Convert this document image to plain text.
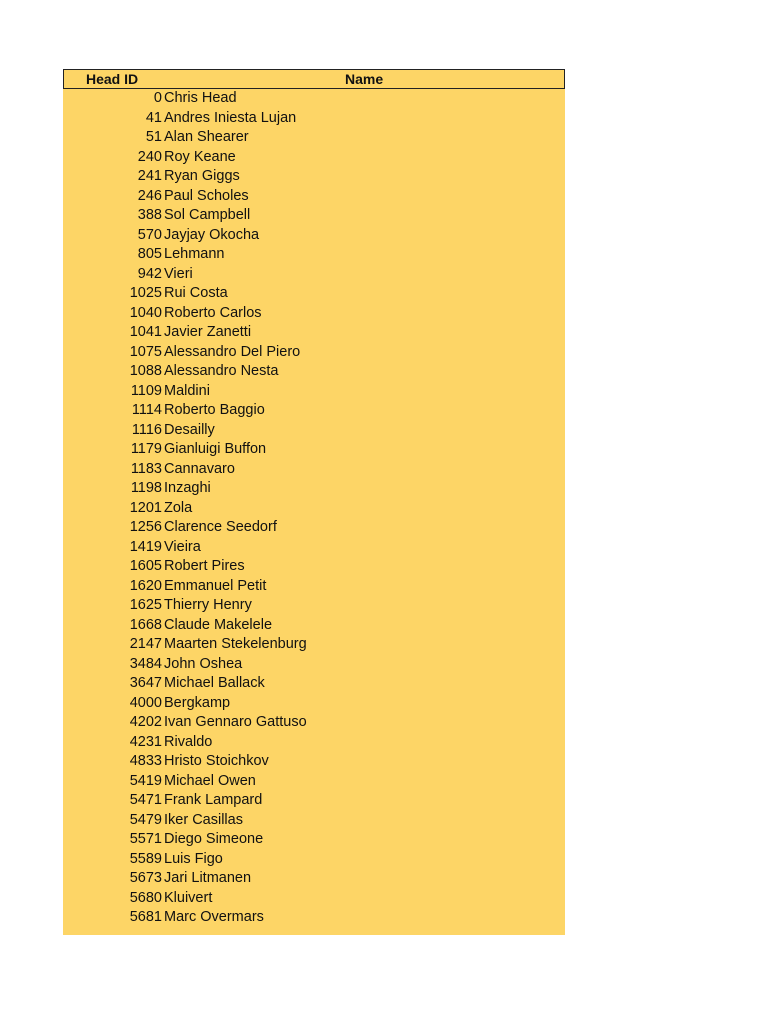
Head ID	Name
0 Chris Head
41 Andres Iniesta Lujan
51 Alan Shearer
240 Roy Keane
241 Ryan Giggs
246 Paul Scholes
388 Sol Campbell
570 Jayjay Okocha
805 Lehmann
942 Vieri
1025 Rui Costa
1040 Roberto Carlos
1041 Javier Zanetti
1075 Alessandro Del Piero
1088 Alessandro Nesta
1109 Maldini
1114 Roberto Baggio
1116 Desailly
1179 Gianluigi Buffon
1183 Cannavaro
1198 Inzaghi
1201 Zola
1256 Clarence Seedorf
1419 Vieira
1605 Robert Pires
1620 Emmanuel Petit
1625 Thierry Henry
1668 Claude Makelele
2147 Maarten Stekelenburg
3484 John Oshea
3647 Michael Ballack
4000 Bergkamp
4202 Ivan Gennaro Gattuso
4231 Rivaldo
4833 Hristo Stoichkov
5419 Michael Owen
5471 Frank Lampard
5479 Iker Casillas
5571 Diego Simeone
5589 Luis Figo
5673 Jari Litmanen
5680 Kluivert
5681 Marc Overmars
